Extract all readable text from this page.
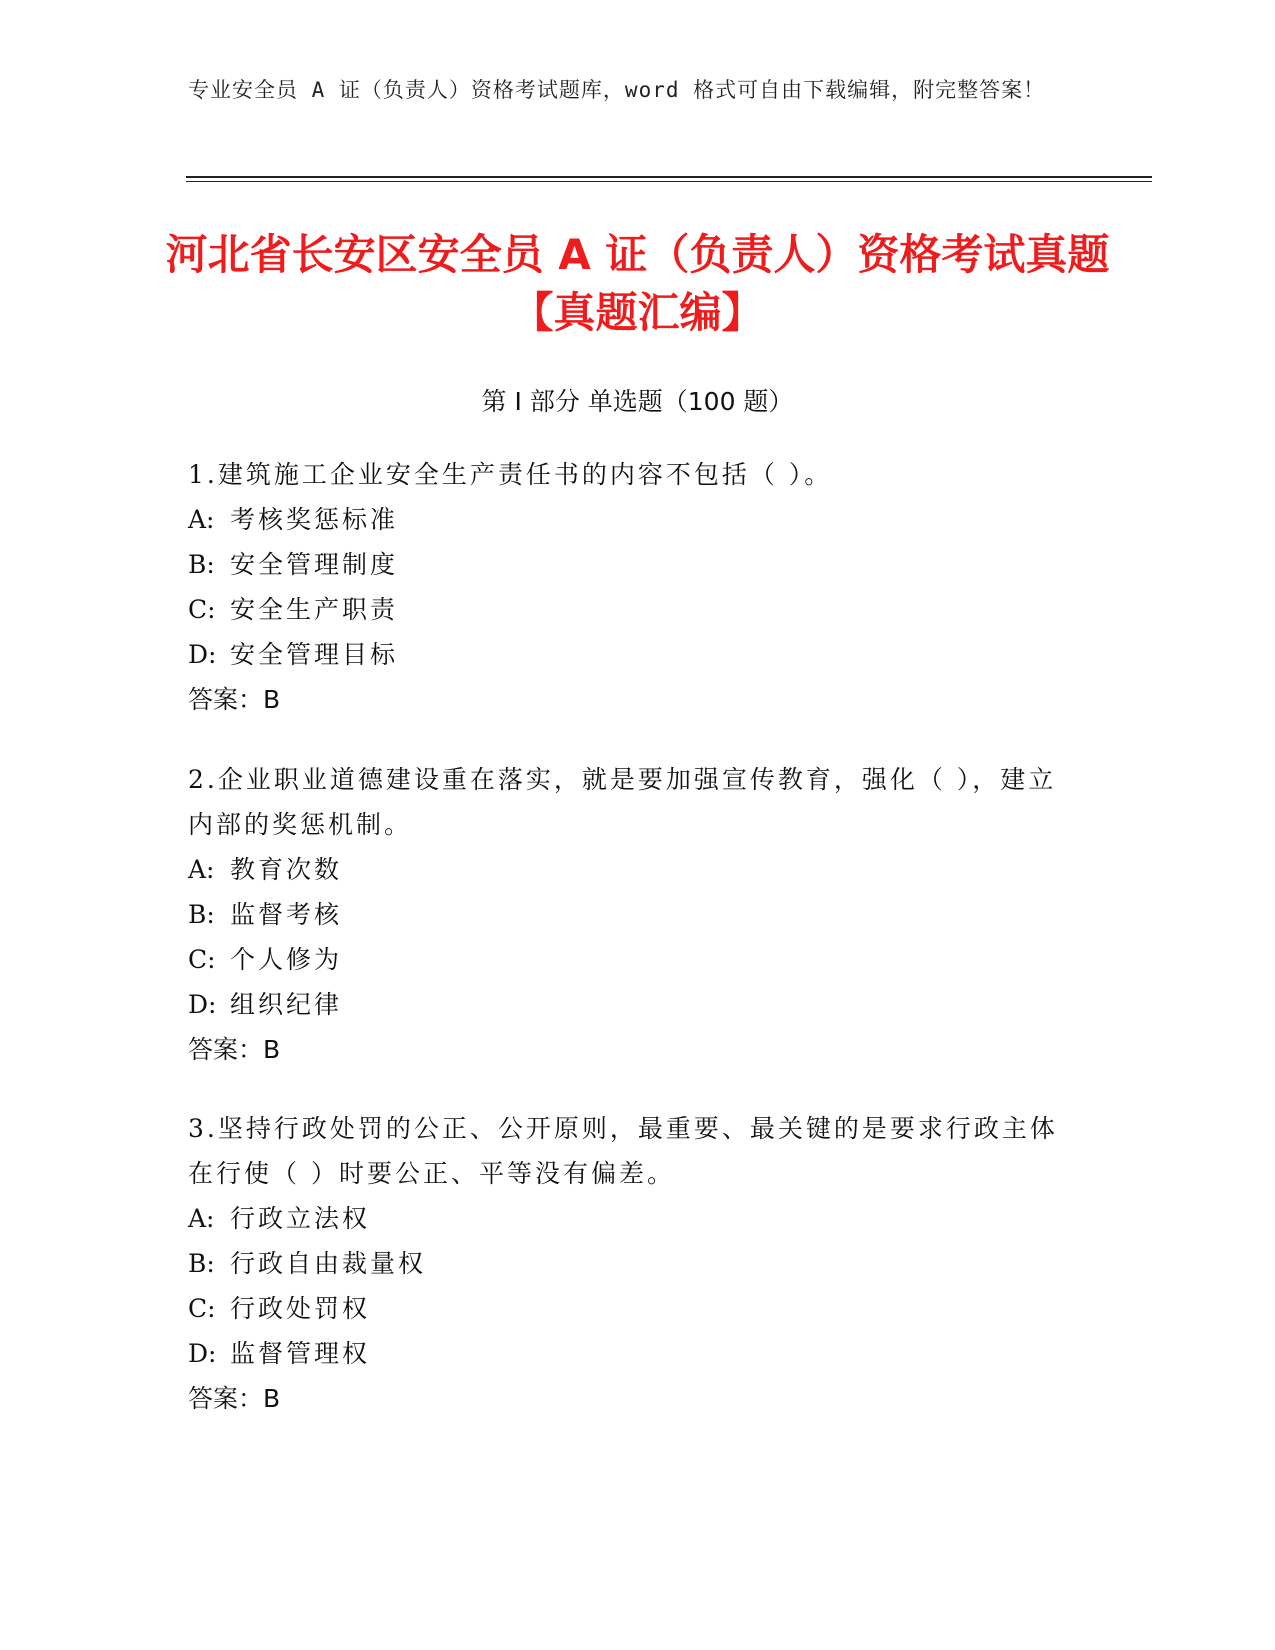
专业安全员 A 证（负责人）资格考试题库，word 格式可自由下载编辑，附完整答案！
河北省长安区安全员 A 证（负责人）资格考试真题【真题汇编】
第 I 部分 单选题（100 题）
1.建筑施工企业安全生产责任书的内容不包括（ ）。
A: 考核奖惩标准
B: 安全管理制度
C: 安全生产职责
D: 安全管理目标
答案：B
2.企业职业道德建设重在落实，就是要加强宣传教育，强化（ ），建立内部的奖惩机制。
A: 教育次数
B: 监督考核
C: 个人修为
D: 组织纪律
答案：B
3.坚持行政处罚的公正、公开原则，最重要、最关键的是要求行政主体在行使（ ）时要公正、平等没有偏差。
A: 行政立法权
B: 行政自由裁量权
C: 行政处罚权
D: 监督管理权
答案：B
